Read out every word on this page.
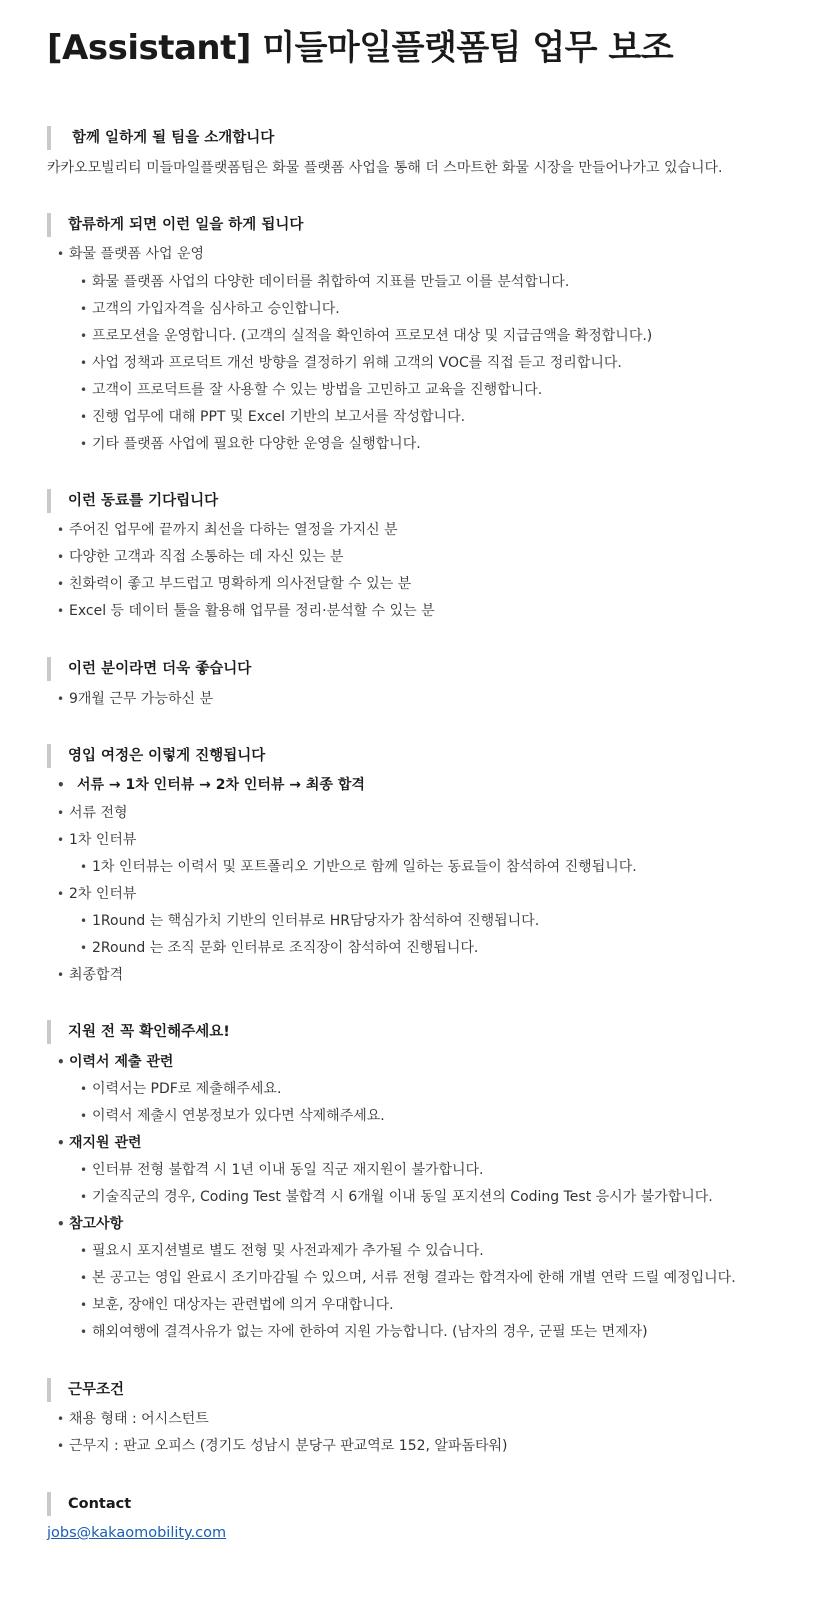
[Assistant] 미들마일플랫폼팀 업무 보조
함께 일하게 될 팀을 소개합니다
카카오모빌리티 미들마일플랫폼팀은 화물 플랫폼 사업을 통해 더 스마트한 화물 시장을 만들어나가고 있습니다.
합류하게 되면 이런 일을 하게 됩니다
• 화물 플랫폼 사업 운영
• 화물 플랫폼 사업의 다양한 데이터를 취합하여 지표를 만들고 이를 분석합니다.
• 고객의 가입자격을 심사하고 승인합니다.
• 프로모션을 운영합니다. (고객의 실적을 확인하여 프로모션 대상 및 지급금액을 확정합니다.)
• 사업 정책과 프로덕트 개선 방향을 결정하기 위해 고객의 VOC를 직접 듣고 정리합니다.
• 고객이 프로덕트를 잘 사용할 수 있는 방법을 고민하고 교육을 진행합니다.
• 진행 업무에 대해 PPT 및 Excel 기반의 보고서를 작성합니다.
• 기타 플랫폼 사업에 필요한 다양한 운영을 실행합니다.
이런 동료를 기다립니다
• 주어진 업무에 끝까지 최선을 다하는 열정을 가지신 분
• 다양한 고객과 직접 소통하는 데 자신 있는 분
• 친화력이 좋고 부드럽고 명확하게 의사전달할 수 있는 분
• Excel 등 데이터 툴을 활용해 업무를 정리·분석할 수 있는 분
이런 분이라면 더욱 좋습니다
• 9개월 근무 가능하신 분
영입 여정은 이렇게 진행됩니다
• 서류 → 1차 인터뷰 → 2차 인터뷰 → 최종 합격
• 서류 전형
• 1차 인터뷰
• 1차 인터뷰는 이력서 및 포트폴리오 기반으로 함께 일하는 동료들이 참석하여 진행됩니다.
• 2차 인터뷰
• 1Round 는 핵심가치 기반의 인터뷰로 HR담당자가 참석하여 진행됩니다.
• 2Round 는 조직 문화 인터뷰로 조직장이 참석하여 진행됩니다.
• 최종합격
지원 전 꼭 확인해주세요!
• 이력서 제출 관련
• 이력서는 PDF로 제출해주세요.
• 이력서 제출시 연봉정보가 있다면 삭제해주세요.
• 재지원 관련
• 인터뷰 전형 불합격 시 1년 이내 동일 직군 재지원이 불가합니다.
• 기술직군의 경우, Coding Test 불합격 시 6개월 이내 동일 포지션의 Coding Test 응시가 불가합니다.
• 참고사항
• 필요시 포지션별로 별도 전형 및 사전과제가 추가될 수 있습니다.
• 본 공고는 영입 완료시 조기마감될 수 있으며, 서류 전형 결과는 합격자에 한해 개별 연락 드릴 예정입니다.
• 보훈, 장애인 대상자는 관련법에 의거 우대합니다.
• 해외여행에 결격사유가 없는 자에 한하여 지원 가능합니다. (남자의 경우, 군필 또는 면제자)
근무조건
• 채용 형태 : 어시스턴트
• 근무지 : 판교 오피스 (경기도 성남시 분당구 판교역로 152, 알파돔타워)
Contact
jobs@kakaomobility.com
